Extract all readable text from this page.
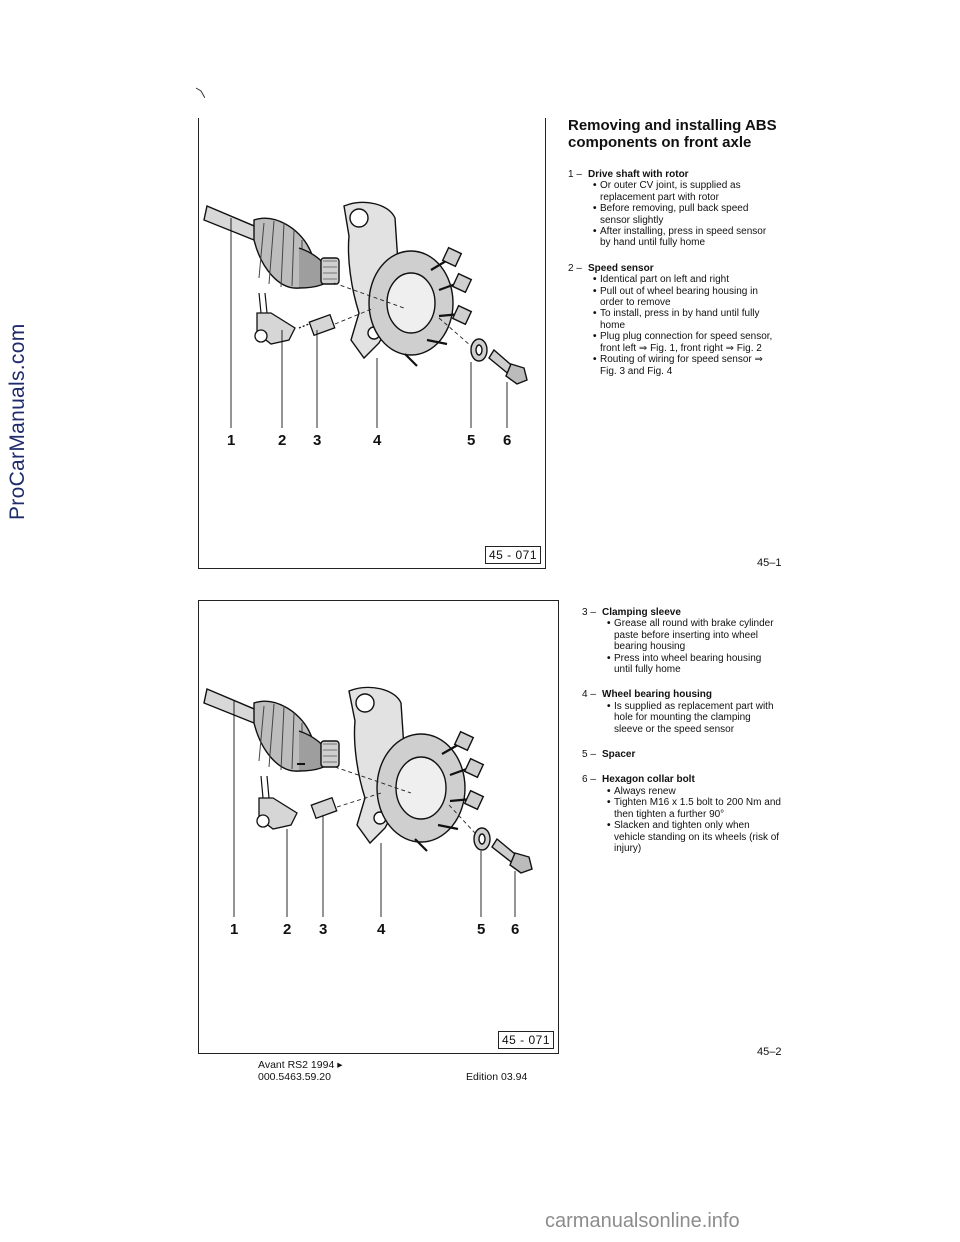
ProCarManuals.com
carmanualsonline.info
1	2 3	4	5 6
45 - 071
Removing and installing ABS components on front axle
1 – Drive shaft with rotor
• Or outer CV joint, is supplied as replacement part with rotor
• Before removing, pull back speed sensor slightly
• After installing, press in speed sensor by hand until fully home
2 – Speed sensor
• Identical part on left and right
• Pull out of wheel bearing housing in order to remove
• To install, press in by hand until fully home
• Plug plug connection for speed sensor, front left ⇒ Fig. 1, front right ⇒ Fig. 2
• Routing of wiring for speed sensor ⇒ Fig. 3 and Fig. 4
45–1
1	2 3	4	5 6
45 - 071
3 – Clamping sleeve
• Grease all round with brake cylinder paste before inserting into wheel bearing housing
• Press into wheel bearing housing until fully home
4 – Wheel bearing housing
• Is supplied as replacement part with hole for mounting the clamping sleeve or the speed sensor
5 – Spacer
6 – Hexagon collar bolt
• Always renew
• Tighten M16 x 1.5 bolt to 200 Nm and then tighten a further 90°
• Slacken and tighten only when vehicle standing on its wheels (risk of injury)
45–2
Avant RS2 1994 ▸
000.5463.59.20	Edition 03.94
